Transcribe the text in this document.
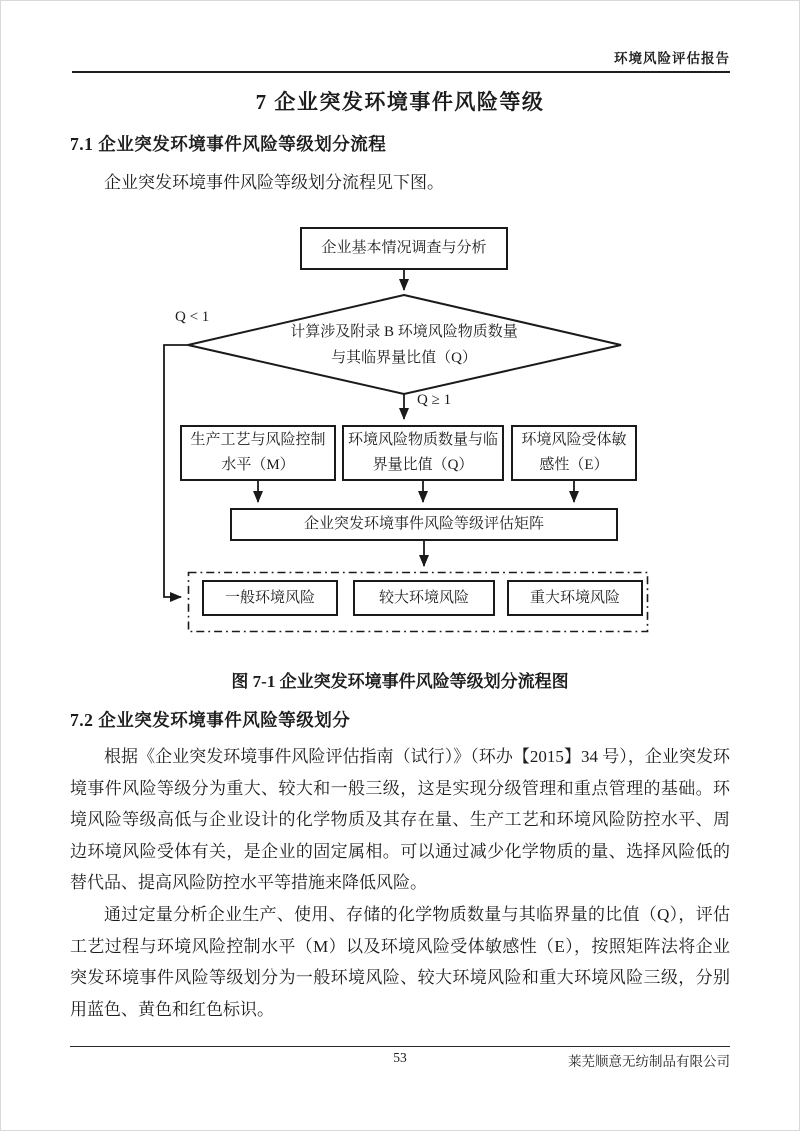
环境风险评估报告
7 企业突发环境事件风险等级
7.1 企业突发环境事件风险等级划分流程

企业突发环境事件风险等级划分流程见下图。

企业基本情况调查与分析
计算涉及附录 B 环境风险物质数量
与其临界量比值（Q）
Q < 1
Q ≥ 1
生产工艺与风险控制
水平（M）
环境风险物质数量与临
界量比值（Q）
环境风险受体敏
感性（E）
企业突发环境事件风险等级评估矩阵
一般环境风险	较大环境风险	重大环境风险
图 7-1 企业突发环境事件风险等级划分流程图
7.2 企业突发环境事件风险等级划分

根据《企业突发环境事件风险评估指南（试行）》（环办【2015】34 号），企业突发环境事件风险等级分为重大、较大和一般三级，这是实现分级管理和重点管理的基础。环境风险等级高低与企业设计的化学物质及其存在量、生产工艺和环境风险防控水平、周边环境风险受体有关，是企业的固定属相。可以通过减少化学物质的量、选择风险低的替代品、提高风险防控水平等措施来降低风险。

通过定量分析企业生产、使用、存储的化学物质数量与其临界量的比值（Q），评估工艺过程与环境风险控制水平（M）以及环境风险受体敏感性（E），按照矩阵法将企业突发环境事件风险等级划分为一般环境风险、较大环境风险和重大环境风险三级，分别用蓝色、黄色和红色标识。

53	莱芜顺意无纺制品有限公司
